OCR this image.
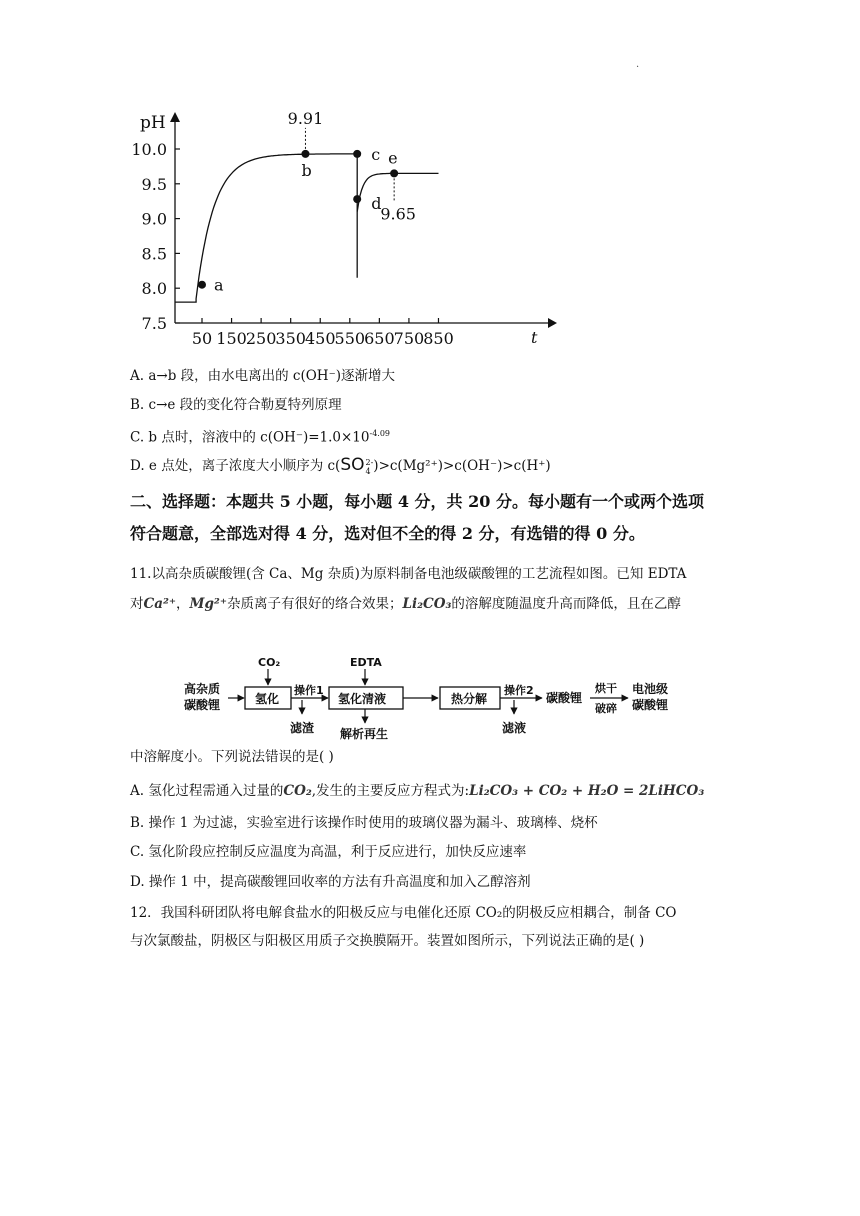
·
pH
t
7.5
8.0
8.5
9.0
9.5
10.0
50 150 250 350 450 550 650 750 850
a
b
c
d
e
9.91
9.65
A. a→b 段，由水电离出的 c(OH⁻)逐渐增大
B. c→e 段的变化符合勒夏特列原理
C. b 点时，溶液中的 $c(OH^-)=1.0\times 10^{-4.09}$
D. e 点处，离子浓度大小顺序为 c(SO 2-
4 )>c(Mg²⁺)>c(OH⁻)>c(H⁺)
二、选择题：本题共 5 小题，每小题 4 分，共 20 分。每小题有一个或两个选项
符合题意，全部选对得 4 分，选对但不全的得 2 分，有选错的得 0 分。
11.以高杂质碳酸锂(含 Ca、Mg 杂质)为原料制备电池级碳酸锂的工艺流程如图。已知 EDTA
对Ca²⁺，Mg²⁺杂质离子有很好的络合效果；Li₂CO₃的溶解度随温度升高而降低，且在乙醇
高杂质
碳酸锂
CO₂
氢化
操作1
滤渣
EDTA
氢化清液
解析再生
热分解
操作2
滤液
碳酸锂
烘干
破碎
电池级
碳酸锂
中溶解度小。下列说法错误的是( )
A. 氢化过程需通入过量的CO₂,发生的主要反应方程式为:Li₂CO₃ + CO₂ + H₂O = 2LiHCO₃
B. 操作 1 为过滤，实验室进行该操作时使用的玻璃仪器为漏斗、玻璃棒、烧杯
C. 氢化阶段应控制反应温度为高温，利于反应进行，加快反应速率
D. 操作 1 中，提高碳酸锂回收率的方法有升高温度和加入乙醇溶剂
12．我国科研团队将电解食盐水的阳极反应与电催化还原 CO₂的阴极反应相耦合，制备 CO
与次氯酸盐，阴极区与阳极区用质子交换膜隔开。装置如图所示，下列说法正确的是( )
